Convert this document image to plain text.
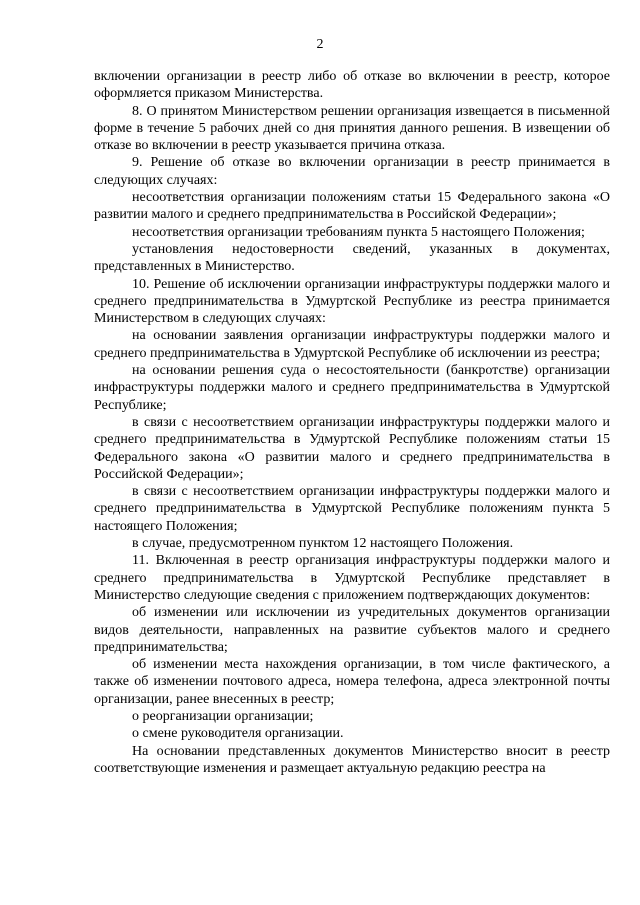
2

включении организации в реестр либо об отказе во включении в реестр, которое оформляется приказом Министерства.

8. О принятом Министерством решении организация извещается в письменной форме в течение 5 рабочих дней со дня принятия данного решения. В извещении об отказе во включении в реестр указывается причина отказа.

9. Решение об отказе во включении организации в реестр принимается в следующих случаях:

несоответствия организации положениям статьи 15 Федерального закона «О развитии малого и среднего предпринимательства в Российской Федерации»;

несоответствия организации требованиям пункта 5 настоящего Положения;

установления недостоверности сведений, указанных в документах, представленных в Министерство.

10. Решение об исключении организации инфраструктуры поддержки малого и среднего предпринимательства в Удмуртской Республике из реестра принимается Министерством в следующих случаях:

на основании заявления организации инфраструктуры поддержки малого и среднего предпринимательства в Удмуртской Республике об исключении из реестра;

на основании решения суда о несостоятельности (банкротстве) организации инфраструктуры поддержки малого и среднего предпринимательства в Удмуртской Республике;

в связи с несоответствием организации инфраструктуры поддержки малого и среднего предпринимательства в Удмуртской Республике положениям статьи 15 Федерального закона «О развитии малого и среднего предпринимательства в Российской Федерации»;

в связи с несоответствием организации инфраструктуры поддержки малого и среднего предпринимательства в Удмуртской Республике положениям пункта 5 настоящего Положения;

в случае, предусмотренном пунктом 12 настоящего Положения.

11. Включенная в реестр организация инфраструктуры поддержки малого и среднего предпринимательства в Удмуртской Республике представляет в Министерство следующие сведения с приложением подтверждающих документов:

об изменении или исключении из учредительных документов организации видов деятельности, направленных на развитие субъектов малого и среднего предпринимательства;

об изменении места нахождения организации, в том числе фактического, а также об изменении почтового адреса, номера телефона, адреса электронной почты организации, ранее внесенных в реестр;

о реорганизации организации;

о смене руководителя организации.

На основании представленных документов Министерство вносит в реестр соответствующие изменения и размещает актуальную редакцию реестра на
